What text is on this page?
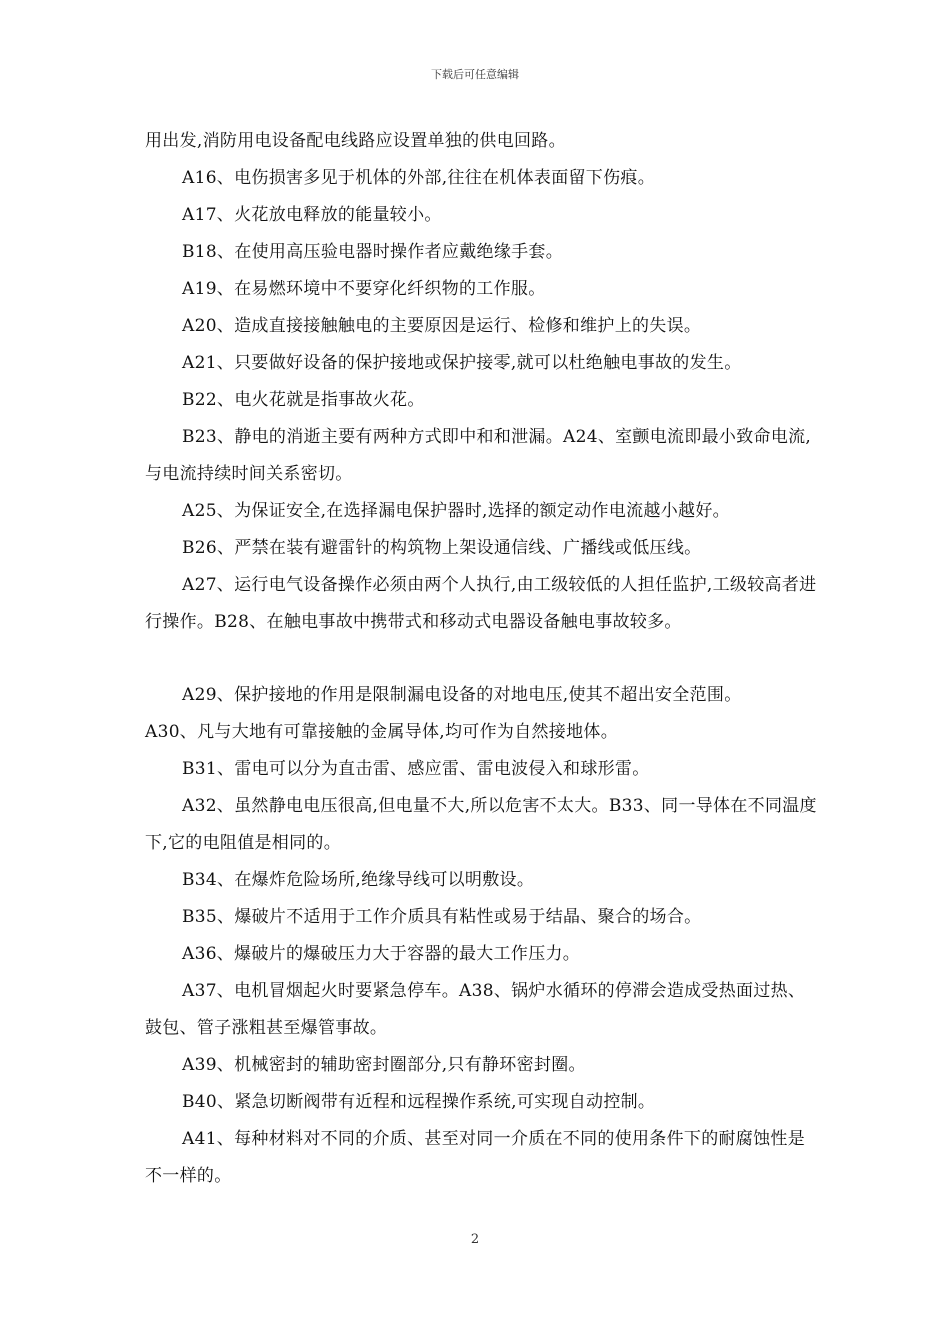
下载后可任意编辑

用出发,消防用电设备配电线路应设置单独的供电回路。

A16、电伤损害多见于机体的外部,往往在机体表面留下伤痕。

A17、火花放电释放的能量较小。

B18、在使用高压验电器时操作者应戴绝缘手套。

A19、在易燃环境中不要穿化纤织物的工作服。

A20、造成直接接触触电的主要原因是运行、检修和维护上的失误。

A21、只要做好设备的保护接地或保护接零,就可以杜绝触电事故的发生。

B22、电火花就是指事故火花。

B23、静电的消逝主要有两种方式即中和和泄漏。A24、室颤电流即最小致命电流,与电流持续时间关系密切。

A25、为保证安全,在选择漏电保护器时,选择的额定动作电流越小越好。

B26、严禁在装有避雷针的构筑物上架设通信线、广播线或低压线。

A27、运行电气设备操作必须由两个人执行,由工级较低的人担任监护,工级较高者进行操作。B28、在触电事故中携带式和移动式电器设备触电事故较多。

A29、保护接地的作用是限制漏电设备的对地电压,使其不超出安全范围。

A30、凡与大地有可靠接触的金属导体,均可作为自然接地体。

B31、雷电可以分为直击雷、感应雷、雷电波侵入和球形雷。

A32、虽然静电电压很高,但电量不大,所以危害不太大。B33、同一导体在不同温度下,它的电阻值是相同的。

B34、在爆炸危险场所,绝缘导线可以明敷设。

B35、爆破片不适用于工作介质具有粘性或易于结晶、聚合的场合。

A36、爆破片的爆破压力大于容器的最大工作压力。

A37、电机冒烟起火时要紧急停车。A38、锅炉水循环的停滞会造成受热面过热、鼓包、管子涨粗甚至爆管事故。

A39、机械密封的辅助密封圈部分,只有静环密封圈。

B40、紧急切断阀带有近程和远程操作系统,可实现自动控制。

A41、每种材料对不同的介质、甚至对同一介质在不同的使用条件下的耐腐蚀性是不一样的。

2
